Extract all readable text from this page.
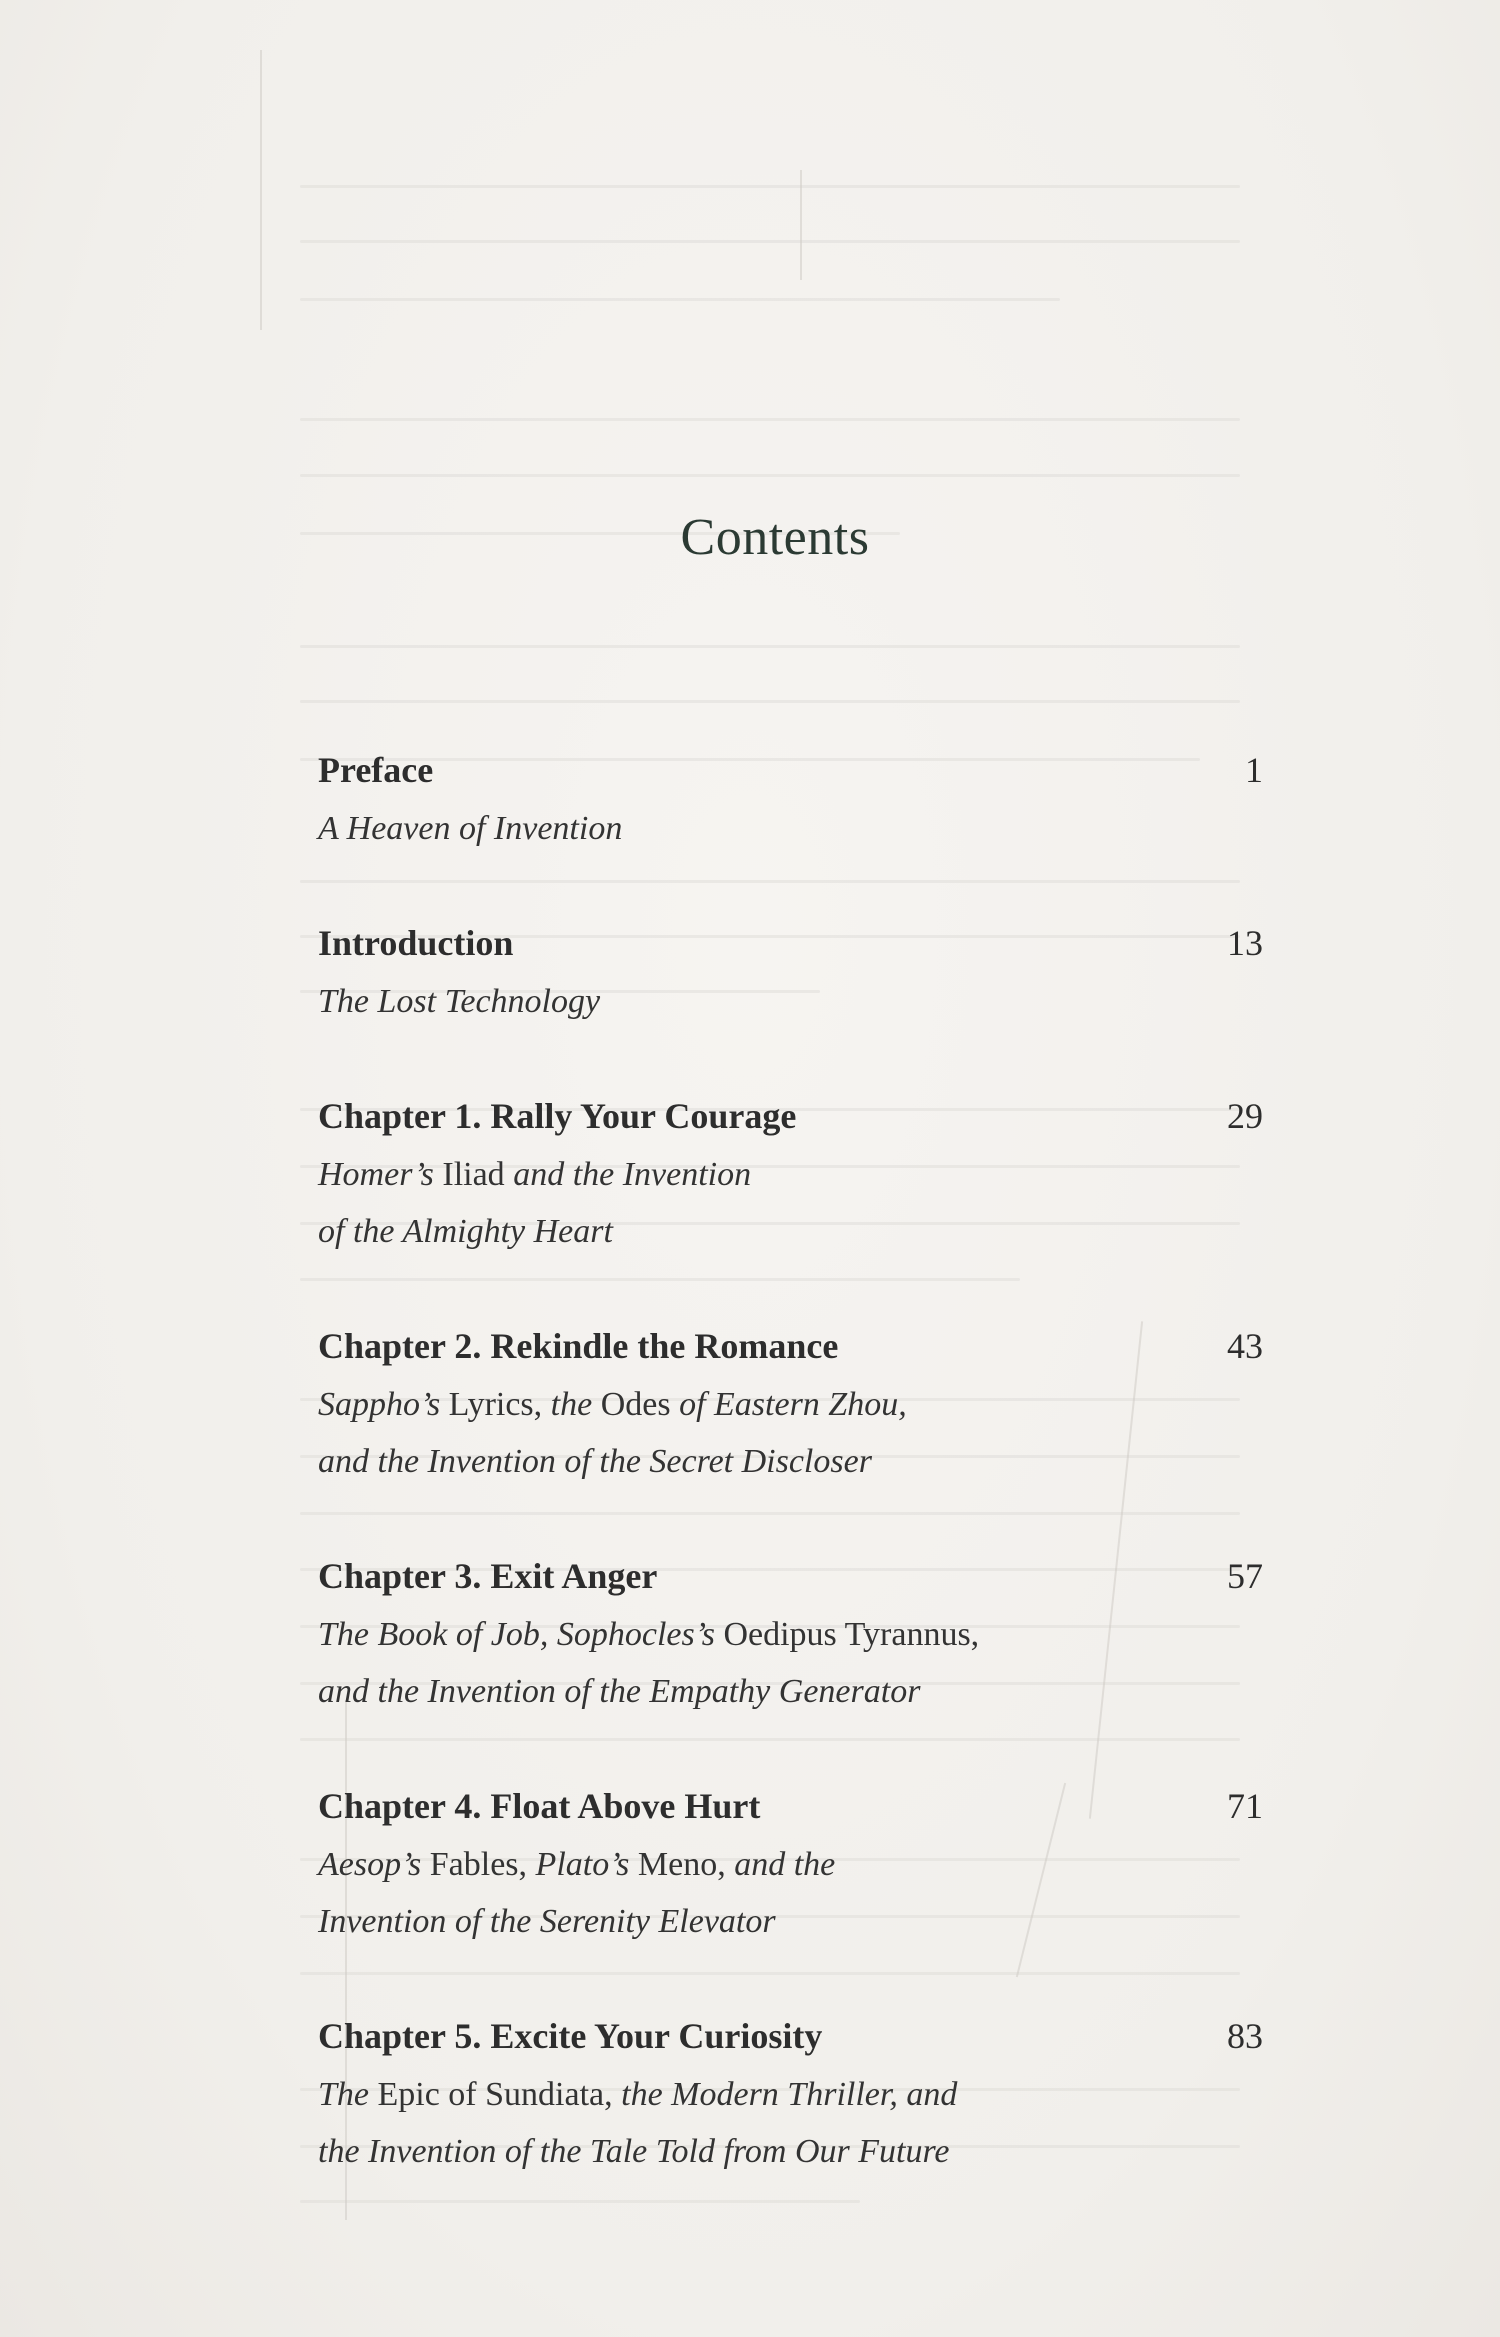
Contents
Preface	1
A Heaven of Invention
Introduction	13
The Lost Technology
Chapter 1. Rally Your Courage	29
Homer’s Iliad and the Invention
of the Almighty Heart
Chapter 2. Rekindle the Romance	43
Sappho’s Lyrics, the Odes of Eastern Zhou,
and the Invention of the Secret Discloser
Chapter 3. Exit Anger	57
The Book of Job, Sophocles’s Oedipus Tyrannus,
and the Invention of the Empathy Generator
Chapter 4. Float Above Hurt	71
Aesop’s Fables, Plato’s Meno, and the
Invention of the Serenity Elevator
Chapter 5. Excite Your Curiosity	83
The Epic of Sundiata, the Modern Thriller, and
the Invention of the Tale Told from Our Future
